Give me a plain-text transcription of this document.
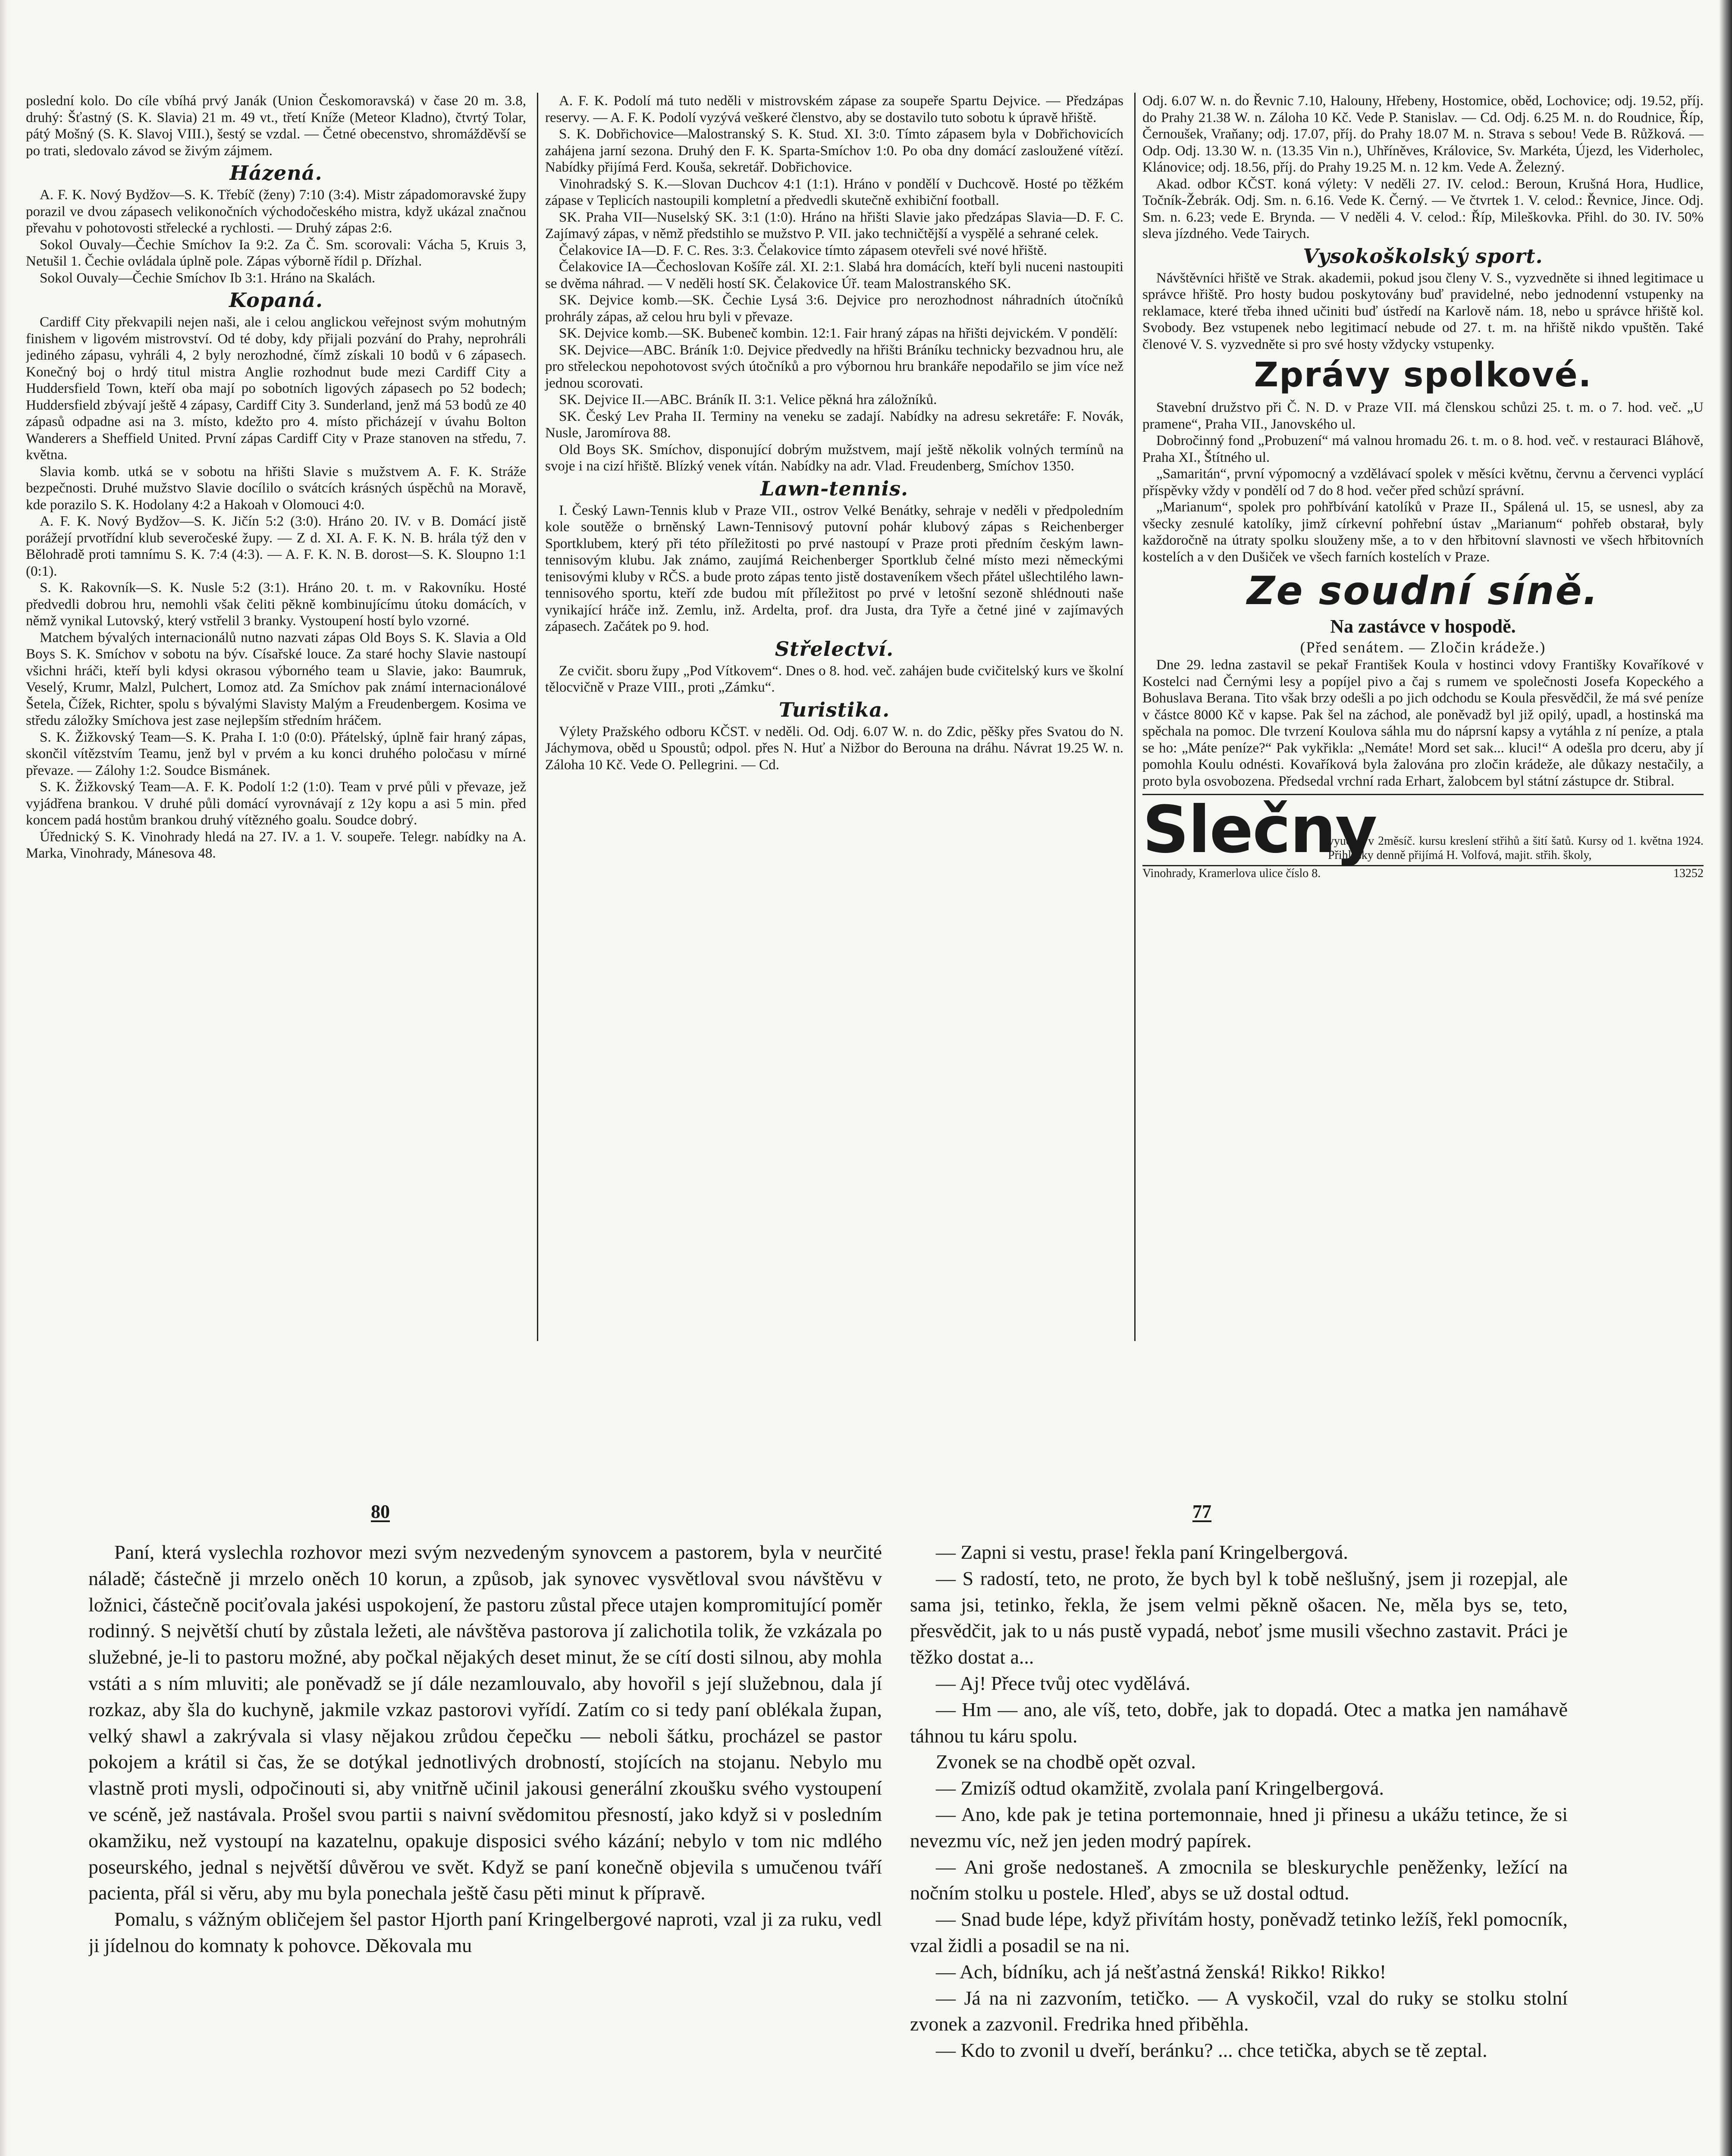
poslední kolo. Do cíle vbíhá prvý Janák (Union Českomoravská) v čase 20 m. 3.8, druhý: Šťastný (S. K. Slavia) 21 m. 49 vt., třetí Kníže (Meteor Kladno), čtvrtý Tolar, pátý Mošný (S. K. Slavoj VIII.), šestý se vzdal. — Četné obecenstvo, shromážděvší se po trati, sledovalo závod se živým zájmem.

Házená.

A. F. K. Nový Bydžov—S. K. Třebíč (ženy) 7:10 (3:4). Mistr západomoravské župy porazil ve dvou zápasech velikonočních východočeského mistra, když ukázal značnou převahu v pohotovosti střelecké a rychlosti. — Druhý zápas 2:6.

Sokol Ouvaly—Čechie Smíchov Ia 9:2. Za Č. Sm. scorovali: Vácha 5, Kruis 3, Netušil 1. Čechie ovládala úplně pole. Zápas výborně řídil p. Dřízhal.

Sokol Ouvaly—Čechie Smíchov Ib 3:1. Hráno na Skalách.

Kopaná.

Cardiff City překvapili nejen naši, ale i celou anglickou veřejnost svým mohutným finishem v ligovém mistrovství. Od té doby, kdy přijali pozvání do Prahy, neprohráli jediného zápasu, vyhráli 4, 2 byly nerozhodné, čímž získali 10 bodů v 6 zápasech. Konečný boj o hrdý titul mistra Anglie rozhodnut bude mezi Cardiff City a Huddersfield Town, kteří oba mají po sobotních ligových zápasech po 52 bodech; Huddersfield zbývají ještě 4 zápasy, Cardiff City 3. Sunderland, jenž má 53 bodů ze 40 zápasů odpadne asi na 3. místo, kdežto pro 4. místo přicházejí v úvahu Bolton Wanderers a Sheffield United. První zápas Cardiff City v Praze stanoven na středu, 7. května.

Slavia komb. utká se v sobotu na hřišti Slavie s mužstvem A. F. K. Stráže bezpečnosti. Druhé mužstvo Slavie docílilo o svátcích krásných úspěchů na Moravě, kde porazilo S. K. Hodolany 4:2 a Hakoah v Olomouci 4:0.

A. F. K. Nový Bydžov—S. K. Jičín 5:2 (3:0). Hráno 20. IV. v B. Domácí jistě porážejí prvotřídní klub severočeské župy. — Z d. XI. A. F. K. N. B. hrála týž den v Bělohradě proti tamnímu S. K. 7:4 (4:3). — A. F. K. N. B. dorost—S. K. Sloupno 1:1 (0:1).

S. K. Rakovník—S. K. Nusle 5:2 (3:1). Hráno 20. t. m. v Rakovníku. Hosté předvedli dobrou hru, nemohli však čeliti pěkně kombinujícímu útoku domácích, v němž vynikal Lutovský, který vstřelil 3 branky. Vystoupení hostí bylo vzorné.

Matchem bývalých internacionálů nutno nazvati zápas Old Boys S. K. Slavia a Old Boys S. K. Smíchov v sobotu na býv. Císařské louce. Za staré hochy Slavie nastoupí všichni hráči, kteří byli kdysi okrasou výborného team u Slavie, jako: Baumruk, Veselý, Krumr, Malzl, Pulchert, Lomoz atd. Za Smíchov pak známí internacionálové Šetela, Čížek, Richter, spolu s bývalými Slavisty Malým a Freudenbergem. Kosima ve středu záložky Smíchova jest zase nejlepším středním hráčem.

S. K. Žižkovský Team—S. K. Praha I. 1:0 (0:0). Přátelský, úplně fair hraný zápas, skončil vítězstvím Teamu, jenž byl v prvém a ku konci druhého poločasu v mírné převaze. — Zálohy 1:2. Soudce Bismánek.

S. K. Žižkovský Team—A. F. K. Podolí 1:2 (1:0). Team v prvé půli v převaze, jež vyjádřena brankou. V druhé půli domácí vyrovnávají z 12y kopu a asi 5 min. před koncem padá hostům brankou druhý vítězného goalu. Soudce dobrý.

Úřednický S. K. Vinohrady hledá na 27. IV. a 1. V. soupeře. Telegr. nabídky na A. Marka, Vinohrady, Mánesova 48.

A. F. K. Podolí má tuto neděli v mistrovském zápase za soupeře Spartu Dejvice. — Předzápas reservy. — A. F. K. Podolí vyzývá veškeré členstvo, aby se dostavilo tuto sobotu k úpravě hřiště.

S. K. Dobřichovice—Malostranský S. K. Stud. XI. 3:0. Tímto zápasem byla v Dobřichovicích zahájena jarní sezona. Druhý den F. K. Sparta-Smíchov 1:0. Po oba dny domácí zasloužené vítězí. Nabídky přijímá Ferd. Kouša, sekretář. Dobřichovice.

Vinohradský S. K.—Slovan Duchcov 4:1 (1:1). Hráno v pondělí v Duchcově. Hosté po těžkém zápase v Teplicích nastoupili kompletní a předvedli skutečně exhibiční football.

SK. Praha VII—Nuselský SK. 3:1 (1:0). Hráno na hřišti Slavie jako předzápas Slavia—D. F. C. Zajímavý zápas, v němž předstihlo se mužstvo P. VII. jako techničtější a vyspělé a sehrané celek.

Čelakovice IA—D. F. C. Res. 3:3. Čelakovice tímto zápasem otevřeli své nové hřiště.

Čelakovice IA—Čechoslovan Košíře zál. XI. 2:1. Slabá hra domácích, kteří byli nuceni nastoupiti se dvěma náhrad. — V neděli hostí SK. Čelakovice Úř. team Malostranského SK.

SK. Dejvice komb.—SK. Čechie Lysá 3:6. Dejvice pro nerozhodnost náhradních útočníků prohrály zápas, až celou hru byli v převaze.

SK. Dejvice komb.—SK. Bubeneč kombin. 12:1. Fair hraný zápas na hřišti dejvickém. V pondělí:

SK. Dejvice—ABC. Bráník 1:0. Dejvice předvedly na hřišti Bráníku technicky bezvadnou hru, ale pro střeleckou nepohotovost svých útočníků a pro výbornou hru brankáře nepodařilo se jim více než jednou scorovati.

SK. Dejvice II.—ABC. Bráník II. 3:1. Velice pěkná hra záložníků.

SK. Český Lev Praha II. Terminy na veneku se zadají. Nabídky na adresu sekretáře: F. Novák, Nusle, Jaromírova 88.

Old Boys SK. Smíchov, disponující dobrým mužstvem, mají ještě několik volných termínů na svoje i na cizí hřiště. Blízký venek vítán. Nabídky na adr. Vlad. Freudenberg, Smíchov 1350.

Lawn-tennis.

I. Český Lawn-Tennis klub v Praze VII., ostrov Velké Benátky, sehraje v neděli v předpoledním kole soutěže o brněnský Lawn-Tennisový putovní pohár klubový zápas s Reichenberger Sportklubem, který při této příležitosti po prvé nastoupí v Praze proti předním českým lawn-tennisovým klubu. Jak známo, zaujímá Reichenberger Sportklub čelné místo mezi německými tenisovými kluby v RČS. a bude proto zápas tento jistě dostaveníkem všech přátel ušlechtilého lawn-tennisového sportu, kteří zde budou mít příležitost po prvé v letošní sezoně shlédnouti naše vynikající hráče inž. Zemlu, inž. Ardelta, prof. dra Justa, dra Tyře a četné jiné v zajímavých zápasech. Začátek po 9. hod.

Střelectví.

Ze cvičit. sboru župy „Pod Vítkovem“. Dnes o 8. hod. več. zahájen bude cvičitelský kurs ve školní tělocvičně v Praze VIII., proti „Zámku“.

Turistika.

Výlety Pražského odboru KČST. v neděli. Od. Odj. 6.07 W. n. do Zdic, pěšky přes Svatou do N. Jáchymova, oběd u Spoustů; odpol. přes N. Huť a Nižbor do Berouna na dráhu. Návrat 19.25 W. n. Záloha 10 Kč. Vede O. Pellegrini. — Cd.

Odj. 6.07 W. n. do Řevnic 7.10, Halouny, Hřebeny, Hostomice, oběd, Lochovice; odj. 19.52, příj. do Prahy 21.38 W. n. Záloha 10 Kč. Vede P. Stanislav. — Cd. Odj. 6.25 M. n. do Roudnice, Říp, Černoušek, Vraňany; odj. 17.07, příj. do Prahy 18.07 M. n. Strava s sebou! Vede B. Růžková. — Odp. Odj. 13.30 W. n. (13.35 Vin n.), Uhříněves, Královice, Sv. Markéta, Újezd, les Viderholec, Klánovice; odj. 18.56, příj. do Prahy 19.25 M. n. 12 km. Vede A. Železný.

Akad. odbor KČST. koná výlety: V neděli 27. IV. celod.: Beroun, Krušná Hora, Hudlice, Točník-Žebrák. Odj. Sm. n. 6.16. Vede K. Černý. — Ve čtvrtek 1. V. celod.: Řevnice, Jince. Odj. Sm. n. 6.23; vede E. Brynda. — V neděli 4. V. celod.: Říp, Mileškovka. Přihl. do 30. IV. 50% sleva jízdného. Vede Tairych.

Vysokoškolský sport.

Návštěvníci hřiště ve Strak. akademii, pokud jsou členy V. S., vyzvedněte si ihned legitimace u správce hřiště. Pro hosty budou poskytovány buď pravidelné, nebo jednodenní vstupenky na reklamace, které třeba ihned učiniti buď ústředí na Karlově nám. 18, nebo u správce hřiště kol. Svobody. Bez vstupenek nebo legitimací nebude od 27. t. m. na hřiště nikdo vpuštěn. Také členové V. S. vyzvedněte si pro své hosty vždycky vstupenky.

Zprávy spolkové.

Stavební družstvo při Č. N. D. v Praze VII. má členskou schůzi 25. t. m. o 7. hod. več. „U pramene“, Praha VII., Janovského ul.

Dobročinný fond „Probuzení“ má valnou hromadu 26. t. m. o 8. hod. več. v restauraci Bláhově, Praha XI., Štítného ul.

„Samaritán“, první výpomocný a vzdělávací spolek v měsíci květnu, červnu a červenci vyplácí příspěvky vždy v pondělí od 7 do 8 hod. večer před schůzí správní.

„Marianum“, spolek pro pohřbívání katolíků v Praze II., Spálená ul. 15, se usnesl, aby za všecky zesnulé katolíky, jimž církevní pohřební ústav „Marianum“ pohřeb obstarał, byly každoročně na útraty spolku slouženy mše, a to v den hřbitovní slavnosti ve všech hřbitovních kostelích a v den Dušiček ve všech farních kostelích v Praze.

Ze soudní síně.
Na zastávce v hospodě.
(Před senátem. — Zločin krádeže.)

Dne 29. ledna zastavil se pekař František Koula v hostinci vdovy Františky Kovaříkové v Kostelci nad Černými lesy a popíjel pivo a čaj s rumem ve společnosti Josefa Kopeckého a Bohuslava Berana. Tito však brzy odešli a po jich odchodu se Koula přesvědčil, že má své peníze v částce 8000 Kč v kapse. Pak šel na záchod, ale poněvadž byl již opilý, upadl, a hostinská ma spěchala na pomoc. Dle tvrzení Koulova sáhla mu do náprsní kapsy a vytáhla z ní peníze, a ptala se ho: „Máte peníze?“ Pak vykřikla: „Nemáte! Mord set sak... kluci!“ A odešla pro dceru, aby jí pomohla Koulu odnésti. Kovaříková byla žalována pro zločin krádeže, ale důkazy nestačily, a proto byla osvobozena. Předsedal vrchní rada Erhart, žalobcem byl státní zástupce dr. Stibral.

Slečny
vyučují v 2měsíč. kursu kreslení střihů a šití šatů. Kursy od 1. května 1924. Přihlášky denně přijímá H. Volfová, majit. střih. školy,
Vinohrady, Kramerlova ulice číslo 8.	13252
80	77

Paní, která vyslechla rozhovor mezi svým nezvedeným synovcem a pastorem, byla v neurčité náladě; částečně ji mrzelo oněch 10 korun, a způsob, jak synovec vysvětloval svou návštěvu v ložnici, částečně pociťovala jakési uspokojení, že pastoru zůstal přece utajen kompromitující poměr rodinný. S největší chutí by zůstala ležeti, ale návštěva pastorova jí zalichotila tolik, že vzkázala po služebné, je-li to pastoru možné, aby počkal nějakých deset minut, že se cítí dosti silnou, aby mohla vstáti a s ním mluviti; ale poněvadž se jí dále nezamlouvalo, aby hovořil s její služebnou, dala jí rozkaz, aby šla do kuchyně, jakmile vzkaz pastorovi vyřídí. Zatím co si tedy paní oblékala župan, velký shawl a zakrývala si vlasy nějakou zrůdou čepečku — neboli šátku, procházel se pastor pokojem a krátil si čas, že se dotýkal jednotlivých drobností, stojících na stojanu. Nebylo mu vlastně proti mysli, odpočinouti si, aby vnitřně učinil jakousi generální zkoušku svého vystoupení ve scéně, jež nastávala. Prošel svou partii s naivní svědomitou přesností, jako když si v posledním okamžiku, než vystoupí na kazatelnu, opakuje disposici svého kázání; nebylo v tom nic mdlého poseurského, jednal s největší důvěrou ve svět. Když se paní konečně objevila s umučenou tváří pacienta, přál si věru, aby mu byla ponechala ještě času pěti minut k přípravě.

Pomalu, s vážným obličejem šel pastor Hjorth paní Kringelbergové naproti, vzal ji za ruku, vedl ji jídelnou do komnaty k pohovce. Děkovala mu

— Zapni si vestu, prase! řekla paní Kringelbergová.

— S radostí, teto, ne proto, že bych byl k tobě nešlušný, jsem ji rozepjal, ale sama jsi, tetinko, řekla, že jsem velmi pěkně ošacen. Ne, měla bys se, teto, přesvědčit, jak to u nás pustě vypadá, neboť jsme musili všechno zastavit. Práci je těžko dostat a...

— Aj! Přece tvůj otec vydělává.

— Hm — ano, ale víš, teto, dobře, jak to dopadá. Otec a matka jen namáhavě táhnou tu káru spolu.

Zvonek se na chodbě opět ozval.

— Zmizíš odtud okamžitě, zvolala paní Kringelbergová.

— Ano, kde pak je tetina portemonnaie, hned ji přinesu a ukážu tetince, že si nevezmu víc, než jen jeden modrý papírek.

— Ani groše nedostaneš. A zmocnila se bleskurychle peněženky, ležící na nočním stolku u postele. Hleď, abys se už dostal odtud.

— Snad bude lépe, když přivítám hosty, poněvadž tetinko ležíš, řekl pomocník, vzal židli a posadil se na ni.

— Ach, bídníku, ach já nešťastná ženská! Rikko! Rikko!

— Já na ni zazvoním, tetičko. — A vyskočil, vzal do ruky se stolku stolní zvonek a zazvonil. Fredrika hned přiběhla.

— Kdo to zvonil u dveří, beránku? ... chce tetička, abych se tě zeptal.
